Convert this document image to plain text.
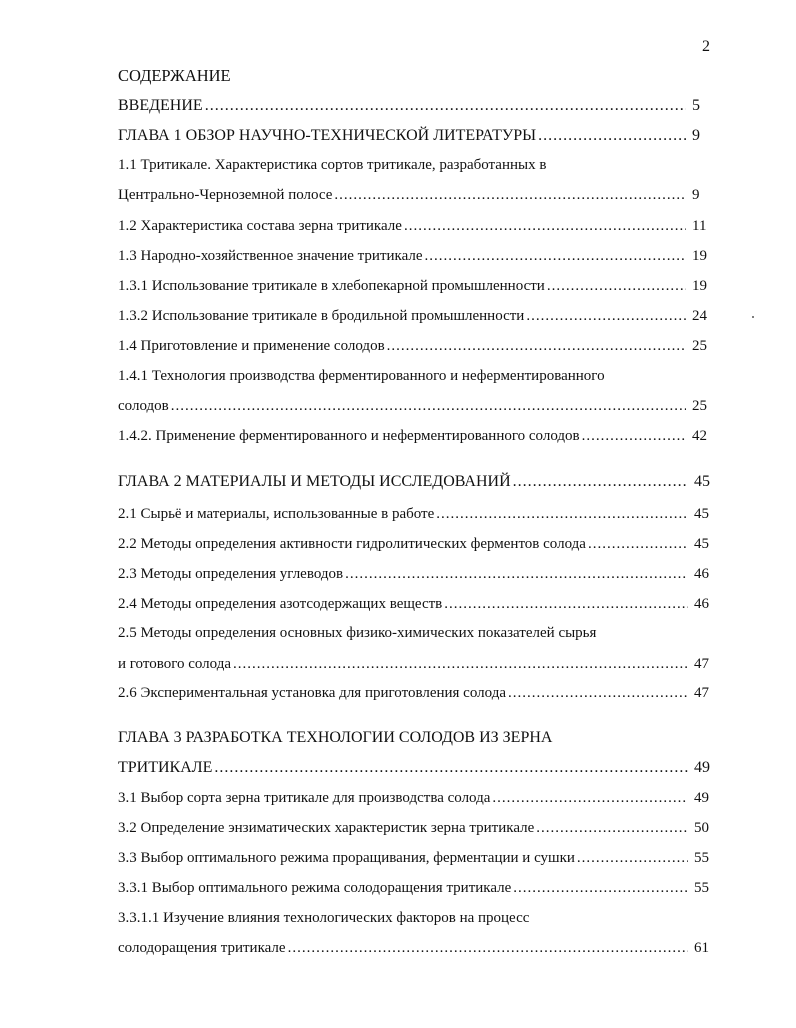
2
СОДЕРЖАНИЕ
ВВЕДЕНИЕ .....	5
ГЛАВА 1 ОБЗОР НАУЧНО-ТЕХНИЧЕСКОЙ ЛИТЕРАТУРЫ .....	9
1.1 Тритикале. Характеристика сортов тритикале, разработанных в
Центрально-Черноземной полосе .....	9
1.2 Характеристика состава зерна тритикале .....	11
1.3 Народно-хозяйственное значение тритикале .....	19
1.3.1 Использование тритикале в хлебопекарной промышленности .....	19
1.3.2 Использование тритикале в бродильной промышленности .....	24
1.4 Приготовление и применение солодов .....	25
1.4.1 Технология производства ферментированного и неферментированного
солодов .....	25
1.4.2. Применение ферментированного и неферментированного солодов .....	42
ГЛАВА 2 МАТЕРИАЛЫ И МЕТОДЫ ИССЛЕДОВАНИЙ .....	45
2.1 Сырьё и материалы, использованные в работе .....	45
2.2 Методы определения активности гидролитических ферментов солода .....	45
2.3 Методы определения углеводов .....	46
2.4 Методы определения азотсодержащих веществ .....	46
2.5 Методы определения основных физико-химических показателей сырья
и готового солода .....	47
2.6 Экспериментальная установка для приготовления солода .....	47
ГЛАВА 3 РАЗРАБОТКА ТЕХНОЛОГИИ СОЛОДОВ ИЗ ЗЕРНА
ТРИТИКАЛЕ .....	49
3.1 Выбор сорта зерна тритикале для производства солода .....	49
3.2 Определение энзиматических характеристик зерна тритикале .....	50
3.3 Выбор оптимального режима проращивания, ферментации и сушки .....	55
3.3.1 Выбор оптимального режима солодоращения тритикале .....	55
3.3.1.1 Изучение влияния технологических факторов на процесс
солодоращения тритикале .....	61
